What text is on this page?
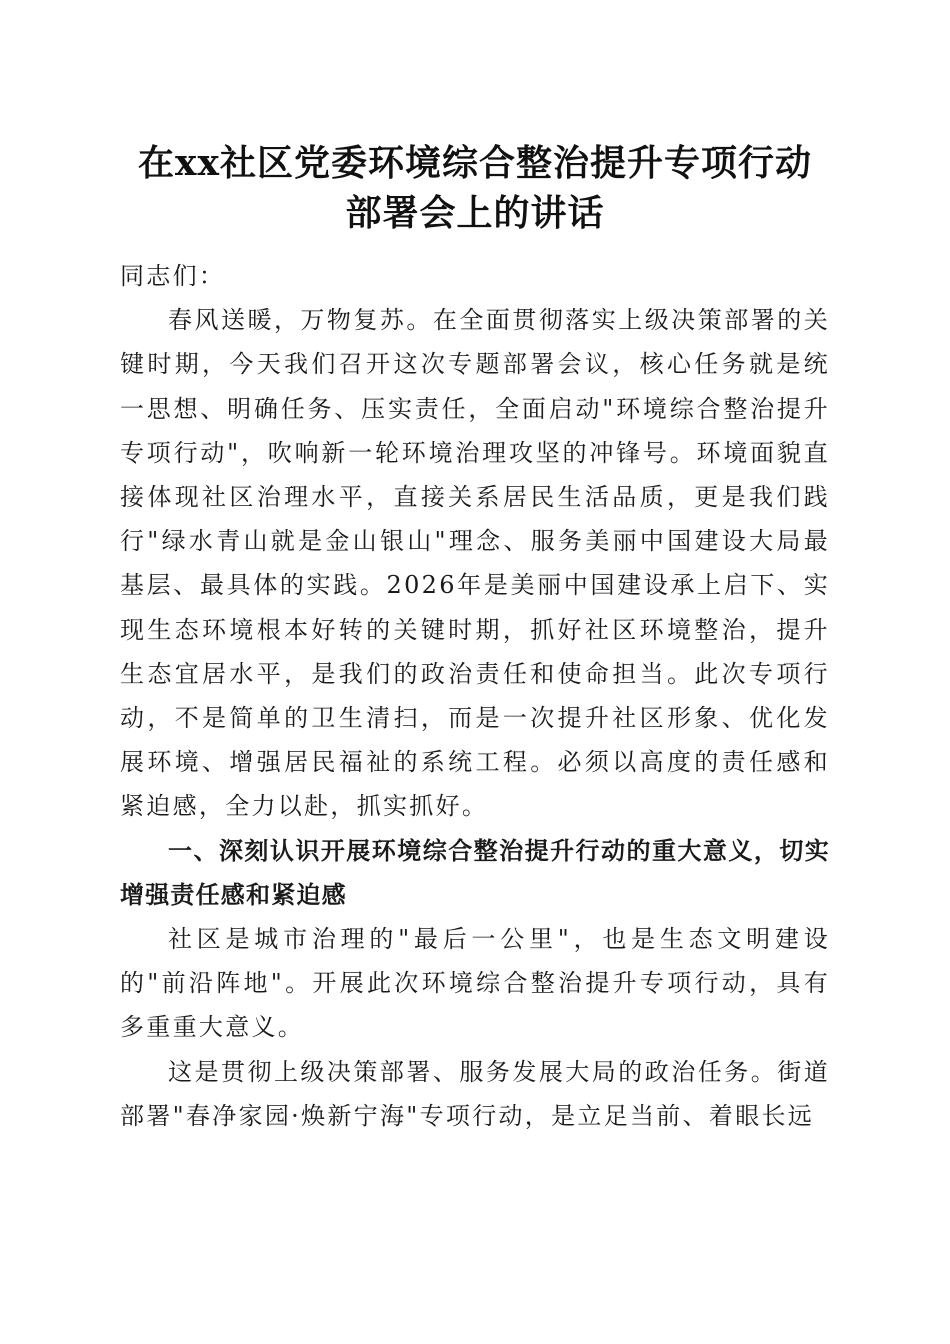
在xx社区党委环境综合整治提升专项行动部署会上的讲话

同志们：

春风送暖，万物复苏。在全面贯彻落实上级决策部署的关键时期，今天我们召开这次专题部署会议，核心任务就是统一思想、明确任务、压实责任，全面启动"环境综合整治提升专项行动"，吹响新一轮环境治理攻坚的冲锋号。环境面貌直接体现社区治理水平，直接关系居民生活品质，更是我们践行"绿水青山就是金山银山"理念、服务美丽中国建设大局最基层、最具体的实践。2026年是美丽中国建设承上启下、实现生态环境根本好转的关键时期，抓好社区环境整治，提升生态宜居水平，是我们的政治责任和使命担当。此次专项行动，不是简单的卫生清扫，而是一次提升社区形象、优化发展环境、增强居民福祉的系统工程。必须以高度的责任感和紧迫感，全力以赴，抓实抓好。

一、深刻认识开展环境综合整治提升行动的重大意义，切实增强责任感和紧迫感

社区是城市治理的"最后一公里"，也是生态文明建设的"前沿阵地"。开展此次环境综合整治提升专项行动，具有多重重大意义。

这是贯彻上级决策部署、服务发展大局的政治任务。街道部署"春净家园·焕新宁海"专项行动，是立足当前、着眼长远
